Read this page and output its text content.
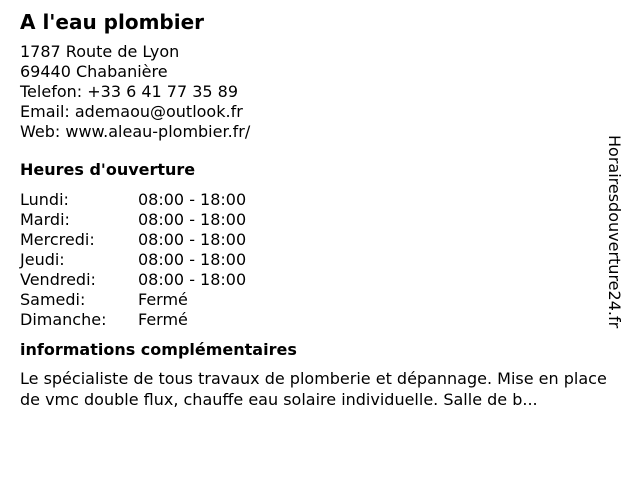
A l'eau plombier
1787 Route de Lyon
69440 Chabanière
Telefon: +33 6 41 77 35 89
Email: ademaou@outlook.fr
Web: www.aleau-plombier.fr/
Heures d'ouverture
Lundi:	08:00 - 18:00
Mardi:	08:00 - 18:00
Mercredi:	08:00 - 18:00
Jeudi:	08:00 - 18:00
Vendredi:	08:00 - 18:00
Samedi:	Fermé
Dimanche: Fermé
informations complémentaires
Le spécialiste de tous travaux de plomberie et dépannage. Mise en place de vmc double flux, chauffe eau solaire individuelle. Salle de b...
Horairesdouverture24.fr
